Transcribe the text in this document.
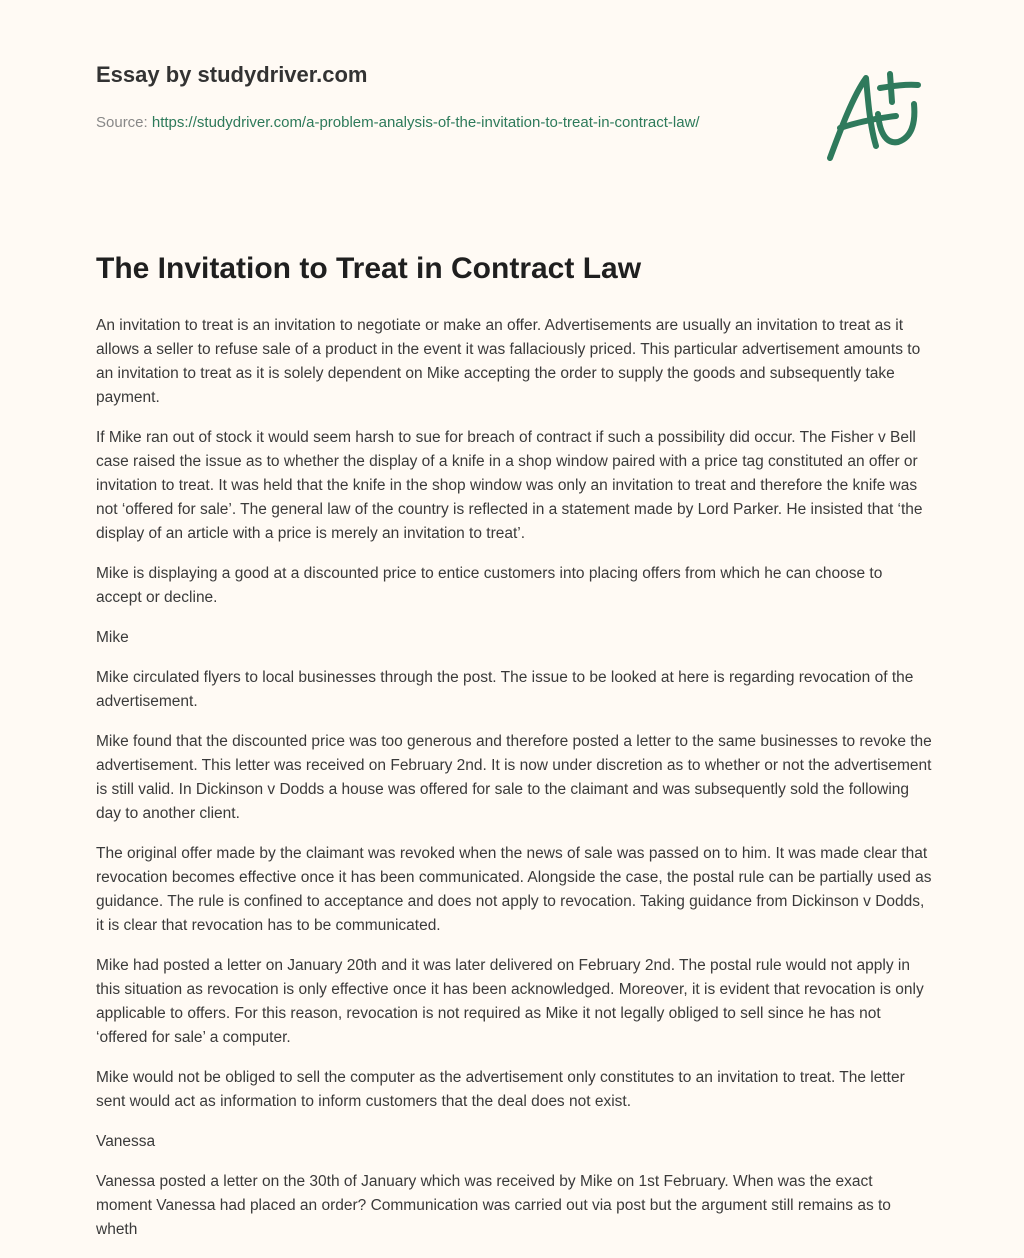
Essay by studydriver.com
Source: https://studydriver.com/a-problem-analysis-of-the-invitation-to-treat-in-contract-law/
The Invitation to Treat in Contract Law

An invitation to treat is an invitation to negotiate or make an offer. Advertisements are usually an invitation to treat as it allows a seller to refuse sale of a product in the event it was fallaciously priced. This particular advertisement amounts to an invitation to treat as it is solely dependent on Mike accepting the order to supply the goods and subsequently take payment.

If Mike ran out of stock it would seem harsh to sue for breach of contract if such a possibility did occur. The Fisher v Bell case raised the issue as to whether the display of a knife in a shop window paired with a price tag constituted an offer or invitation to treat. It was held that the knife in the shop window was only an invitation to treat and therefore the knife was not ‘offered for sale’. The general law of the country is reflected in a statement made by Lord Parker. He insisted that ‘the display of an article with a price is merely an invitation to treat’.

Mike is displaying a good at a discounted price to entice customers into placing offers from which he can choose to accept or decline.

Mike

Mike circulated flyers to local businesses through the post. The issue to be looked at here is regarding revocation of the advertisement.

Mike found that the discounted price was too generous and therefore posted a letter to the same businesses to revoke the advertisement. This letter was received on February 2nd. It is now under discretion as to whether or not the advertisement is still valid. In Dickinson v Dodds a house was offered for sale to the claimant and was subsequently sold the following day to another client.

The original offer made by the claimant was revoked when the news of sale was passed on to him. It was made clear that revocation becomes effective once it has been communicated. Alongside the case, the postal rule can be partially used as guidance. The rule is confined to acceptance and does not apply to revocation. Taking guidance from Dickinson v Dodds, it is clear that revocation has to be communicated.

Mike had posted a letter on January 20th and it was later delivered on February 2nd. The postal rule would not apply in this situation as revocation is only effective once it has been acknowledged. Moreover, it is evident that revocation is only applicable to offers. For this reason, revocation is not required as Mike it not legally obliged to sell since he has not ‘offered for sale’ a computer.

Mike would not be obliged to sell the computer as the advertisement only constitutes to an invitation to treat. The letter sent would act as information to inform customers that the deal does not exist.

Vanessa

Vanessa posted a letter on the 30th of January which was received by Mike on 1st February. When was the exact moment Vanessa had placed an order? Communication was carried out via post but the argument still remains as to wheth
